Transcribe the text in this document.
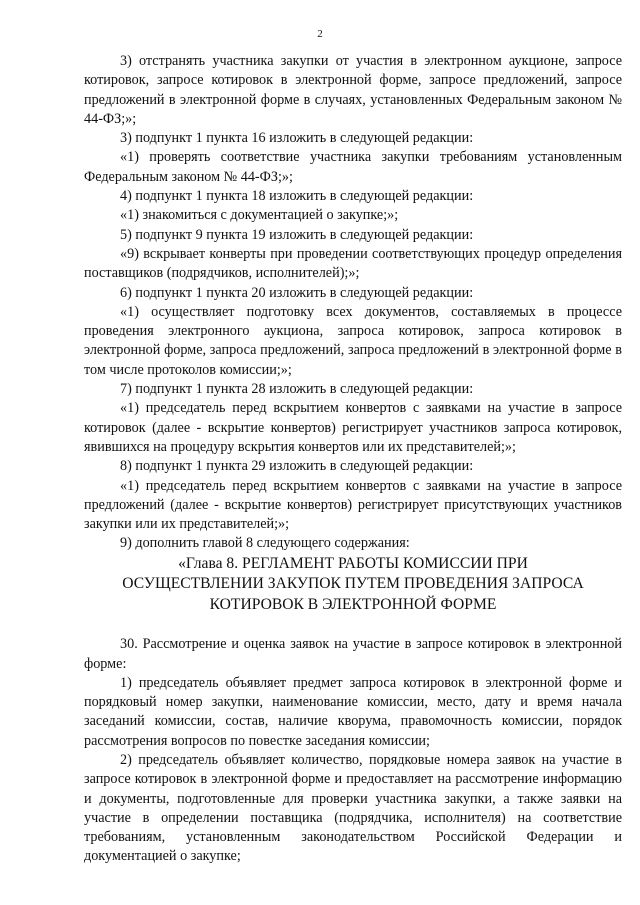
2

3) отстранять участника закупки от участия в электронном аукционе, запросе котировок, запросе котировок в электронной форме, запросе предложений, запросе предложений в электронной форме в случаях, установленных Федеральным законом № 44-ФЗ;»;

3) подпункт 1 пункта 16 изложить в следующей редакции:

«1) проверять соответствие участника закупки требованиям установленным Федеральным законом № 44-ФЗ;»;

4) подпункт 1 пункта 18 изложить в следующей редакции:

«1) знакомиться с документацией о закупке;»;

5) подпункт 9 пункта 19 изложить в следующей редакции:

«9) вскрывает конверты при проведении соответствующих процедур определения поставщиков (подрядчиков, исполнителей);»;

6) подпункт 1 пункта 20 изложить в следующей редакции:

«1) осуществляет подготовку всех документов, составляемых в процессе проведения электронного аукциона, запроса котировок, запроса котировок в электронной форме, запроса предложений, запроса предложений в электронной форме в том числе протоколов комиссии;»;

7) подпункт 1 пункта 28 изложить в следующей редакции:

«1) председатель перед вскрытием конвертов с заявками на участие в запросе котировок (далее - вскрытие конвертов) регистрирует участников запроса котировок, явившихся на процедуру вскрытия конвертов или их представителей;»;

8) подпункт 1 пункта 29 изложить в следующей редакции:

«1) председатель перед вскрытием конвертов с заявками на участие в запросе предложений (далее - вскрытие конвертов) регистрирует присутствующих участников закупки или их представителей;»;

9) дополнить главой 8 следующего содержания:

«Глава 8. РЕГЛАМЕНТ РАБОТЫ КОМИССИИ ПРИ

ОСУЩЕСТВЛЕНИИ ЗАКУПОК ПУТЕМ ПРОВЕДЕНИЯ ЗАПРОСА

КОТИРОВОК В ЭЛЕКТРОННОЙ ФОРМЕ

30. Рассмотрение и оценка заявок на участие в запросе котировок в электронной форме:

1) председатель объявляет предмет запроса котировок в электронной форме и порядковый номер закупки, наименование комиссии, место, дату и время начала заседаний комиссии, состав, наличие кворума, правомочность комиссии, порядок рассмотрения вопросов по повестке заседания комиссии;

2) председатель объявляет количество, порядковые номера заявок на участие в запросе котировок в электронной форме и предоставляет на рассмотрение информацию и документы, подготовленные для проверки участника закупки, а также заявки на участие в определении поставщика (подрядчика, исполнителя) на соответствие требованиям, установленным законодательством Российской Федерации и документацией о закупке;
